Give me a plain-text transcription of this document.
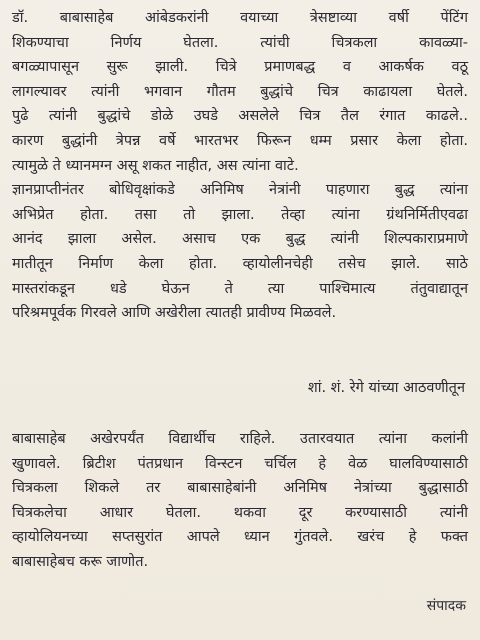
डॉ. बाबासाहेब आंबेडकरांनी वयाच्या त्रेसष्टाव्या वर्षी पेंटिंग
शिकण्याचा निर्णय घेतला. त्यांची चित्रकला कावळ्या-
बगळ्यापासून सुरू झाली. चित्रे प्रमाणबद्ध व आकर्षक वठू
लागल्यावर त्यांनी भगवान गौतम बुद्धांचे चित्र काढायला घेतले.
पुढे त्यांनी बुद्धांचे डोळे उघडे असलेले चित्र तैल रंगात काढले..
कारण बुद्धांनी त्रेपन्न वर्षे भारतभर फिरून धम्म प्रसार केला होता.
त्यामुळे ते ध्यानमग्न असू शकत नाहीत, अस त्यांना वाटे.
ज्ञानप्राप्तीनंतर बोधिवृक्षांकडे अनिमिष नेत्रांनी पाहणारा बुद्ध त्यांना
अभिप्रेत होता. तसा तो झाला. तेव्हा त्यांना ग्रंथनिर्मितीएवढा
आनंद झाला असेल. असाच एक बुद्ध त्यांनी शिल्पकाराप्रमाणे
मातीतून निर्माण केला होता. व्हायोलीनचेही तसेच झाले. साठे
मास्तरांकडून धडे घेऊन ते त्या पाश्चिमात्य तंतुवाद्यातून
परिश्रमपूर्वक गिरवले आणि अखेरीला त्यातही प्रावीण्य मिळवले.
शां. शं. रेगे यांच्या आठवणीतून
बाबासाहेब अखेरपर्यंत विद्यार्थीच राहिले. उतारवयात त्यांना कलांनी
खुणावले. ब्रिटीश पंतप्रधान विन्स्टन चर्चिल हे वेळ घालविण्यासाठी
चित्रकला शिकले तर बाबासाहेबांनी अनिमिष नेत्रांच्या बुद्धासाठी
चित्रकलेचा आधार घेतला. थकवा दूर करण्यासाठी त्यांनी
व्हायोलियनच्या सप्तसुरांत आपले ध्यान गुंतवले. खरंच हे फक्त
बाबासाहेबच करू जाणोत.
संपादक
